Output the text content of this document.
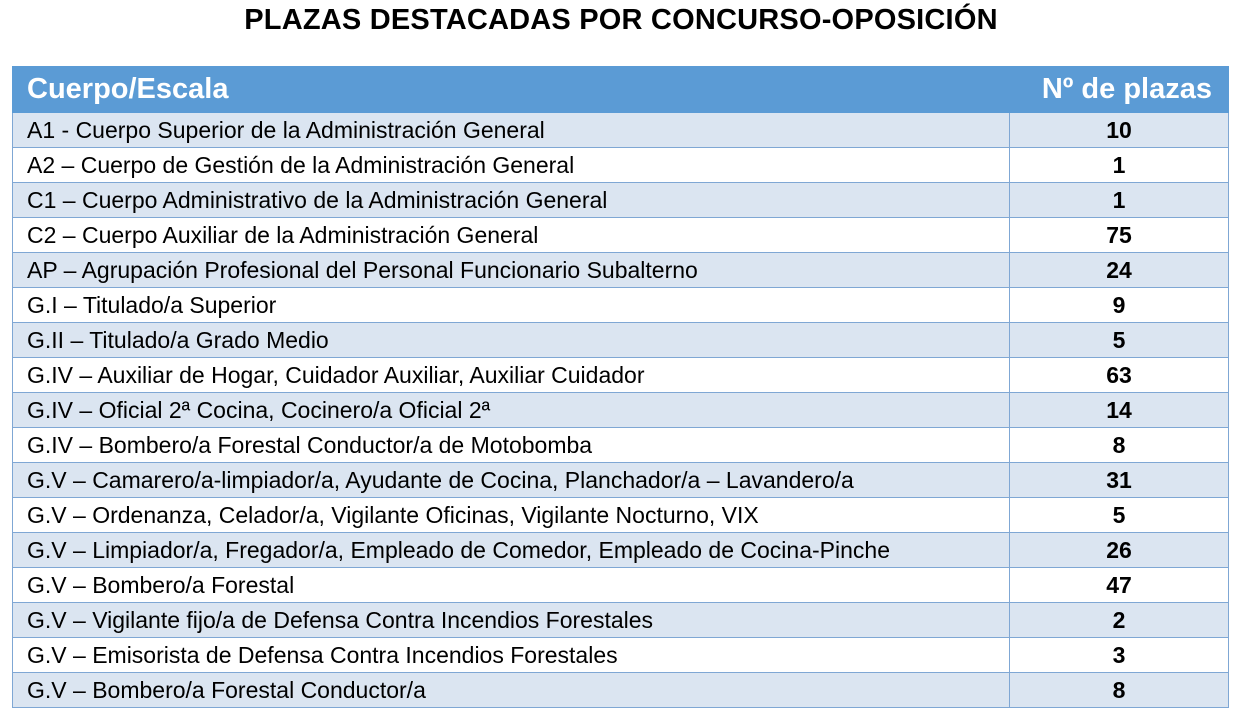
PLAZAS DESTACADAS POR CONCURSO-OPOSICIÓN
Cuerpo/Escala	Nº de plazas
A1 - Cuerpo Superior de la Administración General	10
A2 – Cuerpo de Gestión de la Administración General	1
C1 – Cuerpo Administrativo de la Administración General	1
C2 – Cuerpo Auxiliar de la Administración General	75
AP – Agrupación Profesional del Personal Funcionario Subalterno	24
G.I – Titulado/a Superior	9
G.II – Titulado/a Grado Medio	5
G.IV – Auxiliar de Hogar, Cuidador Auxiliar, Auxiliar Cuidador	63
G.IV – Oficial 2ª Cocina, Cocinero/a Oficial 2ª	14
G.IV – Bombero/a Forestal Conductor/a de Motobomba	8
G.V – Camarero/a-limpiador/a, Ayudante de Cocina, Planchador/a – Lavandero/a	31
G.V – Ordenanza, Celador/a, Vigilante Oficinas, Vigilante Nocturno, VIX	5
G.V – Limpiador/a, Fregador/a, Empleado de Comedor, Empleado de Cocina-Pinche	26
G.V – Bombero/a Forestal	47
G.V – Vigilante fijo/a de Defensa Contra Incendios Forestales	2
G.V – Emisorista de Defensa Contra Incendios Forestales	3
G.V – Bombero/a Forestal Conductor/a	8
